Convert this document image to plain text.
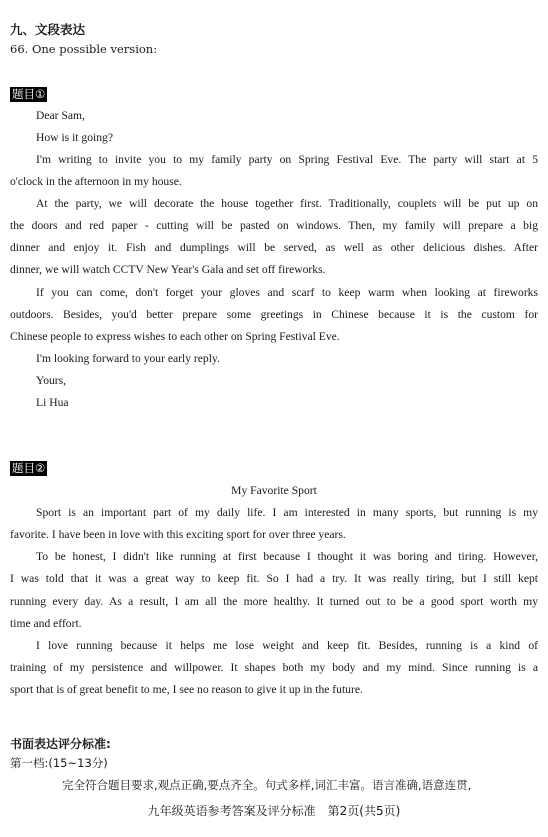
九、文段表达
66. One possible version:
题目①
Dear Sam,
How is it going?
I'm writing to invite you to my family party on Spring Festival Eve. The party will start at 5
o'clock in the afternoon in my house.
At the party, we will decorate the house together first. Traditionally, couplets will be put up on
the doors and red paper - cutting will be pasted on windows. Then, my family will prepare a big
dinner and enjoy it. Fish and dumplings will be served, as well as other delicious dishes. After
dinner, we will watch CCTV New Year's Gala and set off fireworks.
If you can come, don't forget your gloves and scarf to keep warm when looking at fireworks
outdoors. Besides, you'd better prepare some greetings in Chinese because it is the custom for
Chinese people to express wishes to each other on Spring Festival Eve.
I'm looking forward to your early reply.
Yours,
Li Hua
题目②
My Favorite Sport
Sport is an important part of my daily life. I am interested in many sports, but running is my
favorite. I have been in love with this exciting sport for over three years.
To be honest, I didn't like running at first because I thought it was boring and tiring. However,
I was told that it was a great way to keep fit. So I had a try. It was really tiring, but I still kept
running every day. As a result, I am all the more healthy. It turned out to be a good sport worth my
time and effort.
I love running because it helps me lose weight and keep fit. Besides, running is a kind of
training of my persistence and willpower. It shapes both my body and my mind. Since running is a
sport that is of great benefit to me, I see no reason to give it up in the future.
书面表达评分标准:
第一档:(15~13分)
完全符合题目要求,观点正确,要点齐全。句式多样,词汇丰富。语言准确,语意连贯,
九年级英语参考答案及评分标准　第2页(共5页)
